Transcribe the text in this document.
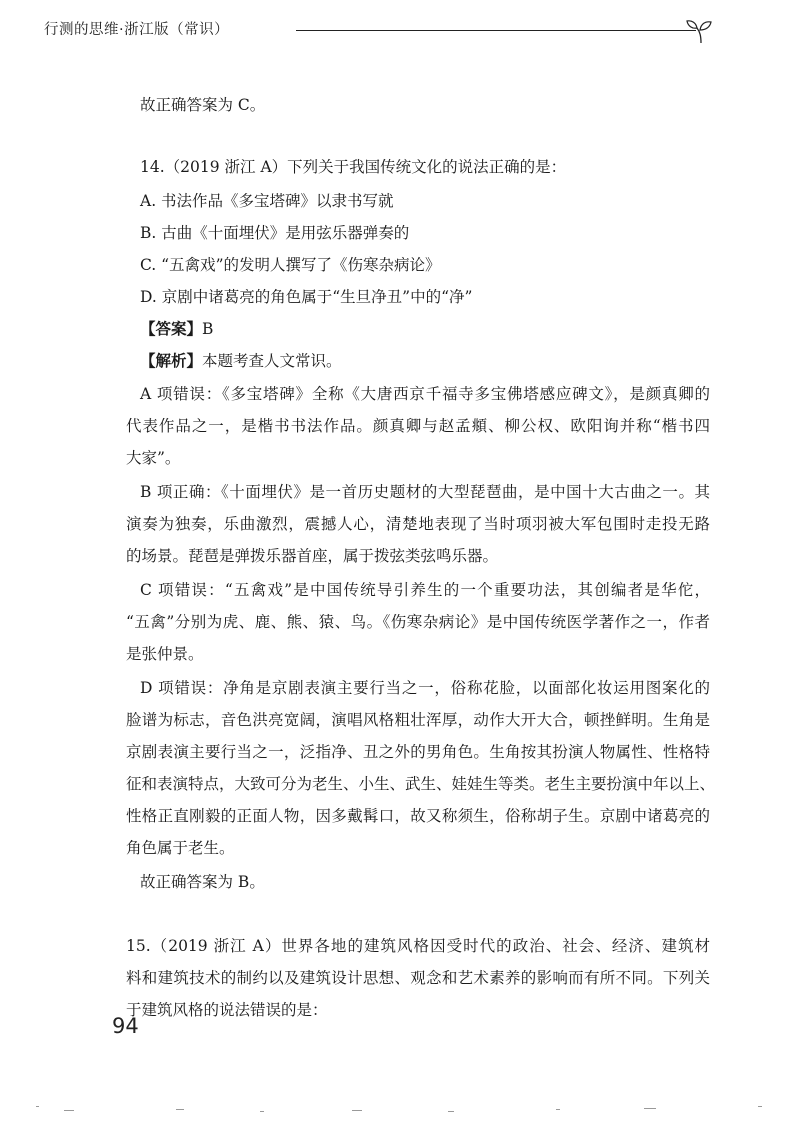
行测的思维·浙江版（常识）
故正确答案为 C。
14.（2019 浙江 A）下列关于我国传统文化的说法正确的是：
A. 书法作品《多宝塔碑》以隶书写就
B. 古曲《十面埋伏》是用弦乐器弹奏的
C. “五禽戏”的发明人撰写了《伤寒杂病论》
D. 京剧中诸葛亮的角色属于“生旦净丑”中的“净”
【答案】B
【解析】本题考查人文常识。
A 项错误：《多宝塔碑》全称《大唐西京千福寺多宝佛塔感应碑文》，是颜真卿的
代表作品之一，是楷书书法作品。颜真卿与赵孟頫、柳公权、欧阳询并称“楷书四
大家”。
B 项正确：《十面埋伏》是一首历史题材的大型琵琶曲，是中国十大古曲之一。其
演奏为独奏，乐曲激烈，震撼人心，清楚地表现了当时项羽被大军包围时走投无路
的场景。琵琶是弹拨乐器首座，属于拨弦类弦鸣乐器。
C 项错误：“五禽戏”是中国传统导引养生的一个重要功法，其创编者是华佗，
“五禽”分别为虎、鹿、熊、猿、鸟。《伤寒杂病论》是中国传统医学著作之一，作者
是张仲景。
D 项错误：净角是京剧表演主要行当之一，俗称花脸，以面部化妆运用图案化的
脸谱为标志，音色洪亮宽阔，演唱风格粗壮浑厚，动作大开大合，顿挫鲜明。生角是
京剧表演主要行当之一，泛指净、丑之外的男角色。生角按其扮演人物属性、性格特
征和表演特点，大致可分为老生、小生、武生、娃娃生等类。老生主要扮演中年以上、
性格正直刚毅的正面人物，因多戴髯口，故又称须生，俗称胡子生。京剧中诸葛亮的
角色属于老生。
故正确答案为 B。
15.（2019 浙江 A）世界各地的建筑风格因受时代的政治、社会、经济、建筑材
料和建筑技术的制约以及建筑设计思想、观念和艺术素养的影响而有所不同。下列关
于建筑风格的说法错误的是：
94
